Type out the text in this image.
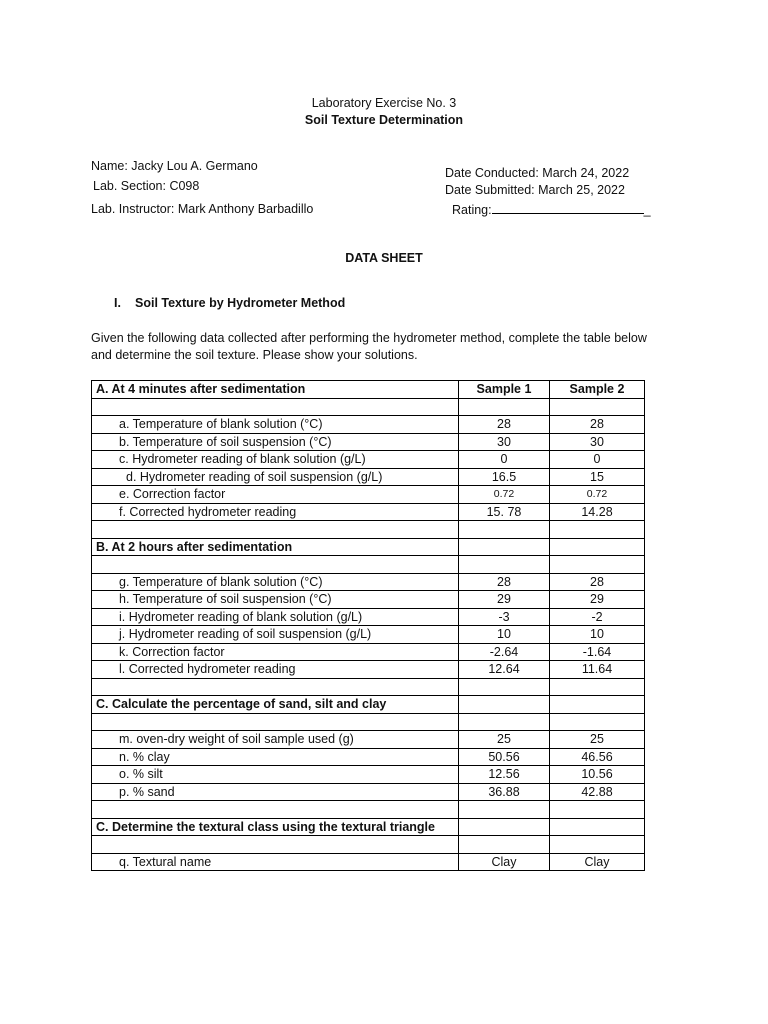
Laboratory Exercise No. 3
Soil Texture Determination
Name: Jacky Lou A. Germano
Lab. Section: C098
Lab. Instructor: Mark Anthony Barbadillo
Date Conducted: March 24, 2022
Date Submitted: March 25, 2022
Rating:	_
DATA SHEET
I. Soil Texture by Hydrometer Method
Given the following data collected after performing the hydrometer method, complete the table below
and determine the soil texture. Please show your solutions.
A. At 4 minutes after sedimentation	Sample 1	Sample 2

a. Temperature of blank solution (°C)	28	28
b. Temperature of soil suspension (°C)	30	30
c. Hydrometer reading of blank solution (g/L)	0	0
d. Hydrometer reading of soil suspension (g/L)	16.5	15
e. Correction factor	0.72	0.72
f. Corrected hydrometer reading	15. 78	14.28

B. At 2 hours after sedimentation		

g. Temperature of blank solution (°C)	28	28
h. Temperature of soil suspension (°C)	29	29
i. Hydrometer reading of blank solution (g/L)	-3	-2
j. Hydrometer reading of soil suspension (g/L)	10	10
k. Correction factor	-2.64	-1.64
l. Corrected hydrometer reading	12.64	11.64

C. Calculate the percentage of sand, silt and clay		

m. oven-dry weight of soil sample used (g)	25	25
n. % clay	50.56	46.56
o. % silt	12.56	10.56
p. % sand	36.88	42.88

C. Determine the textural class using the textural triangle		

q. Textural name	Clay	Clay
